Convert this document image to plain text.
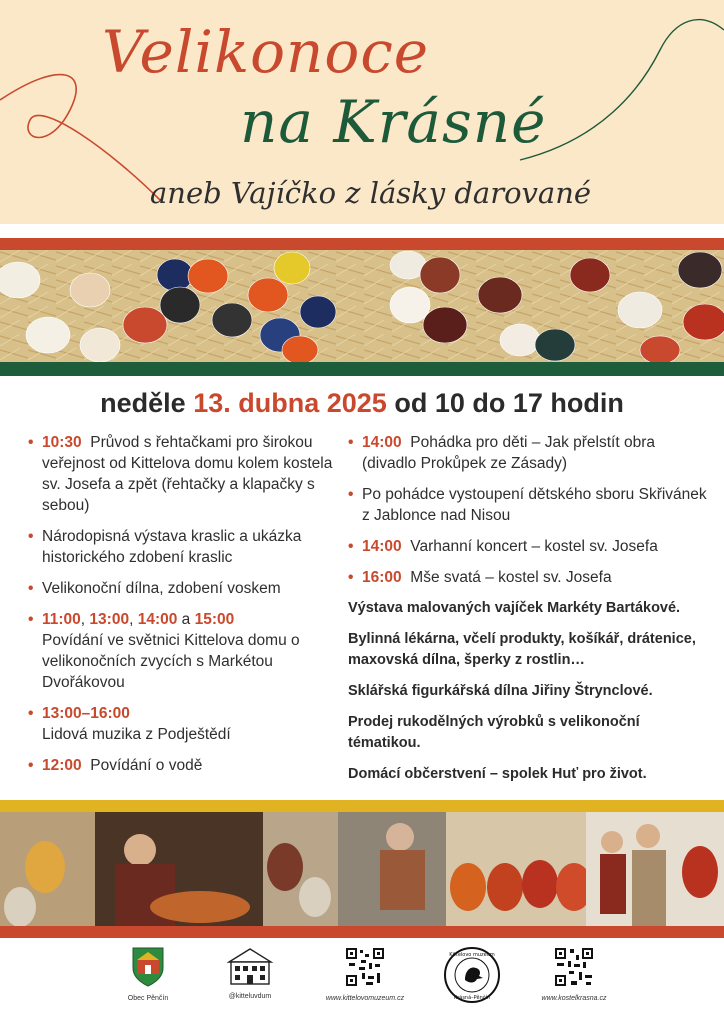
Velikonoce
na Krásné
aneb Vajíčko z lásky darované
neděle 13. dubna 2025 od 10 do 17 hodin
• 10:30 Průvod s řehtačkami pro širokou veřejnost od Kittelova domu kolem kostela sv. Josefa a zpět (řehtačky a klapačky s sebou)
• Národopisná výstava kraslic a ukázka historického zdobení kraslic
• Velikonoční dílna, zdobení voskem
• 11:00, 13:00, 14:00 a 15:00
Povídání ve světnici Kittelova domu o velikonočních zvycích s Markétou Dvořákovou
• 13:00–16:00
Lidová muzika z Podještědí
• 12:00 Povídání o vodě
• 14:00 Pohádka pro děti – Jak přelstít obra (divadlo Prokůpek ze Zásady)
• Po pohádce vystoupení dětského sboru Skřivánek z Jablonce nad Nisou
• 14:00 Varhanní koncert – kostel sv. Josefa
• 16:00 Mše svatá – kostel sv. Josefa
Výstava malovaných vajíček Markéty Bartákové.
Bylinná lékárna, včelí produkty, košíkář, drátenice, maxovská dílna, šperky z rostlin…
Sklářská figurkářská dílna Jiřiny Štrynclové.
Prodej rukodělných výrobků s velikonoční tématikou.
Domácí občerstvení – spolek Huť pro život.
Obec Pěnčín	@kitteluvdum	www.kittelovomuzeum.cz
Kittelovo muzeum
Krásná–Pěnčín	www.kostelkrasna.cz
